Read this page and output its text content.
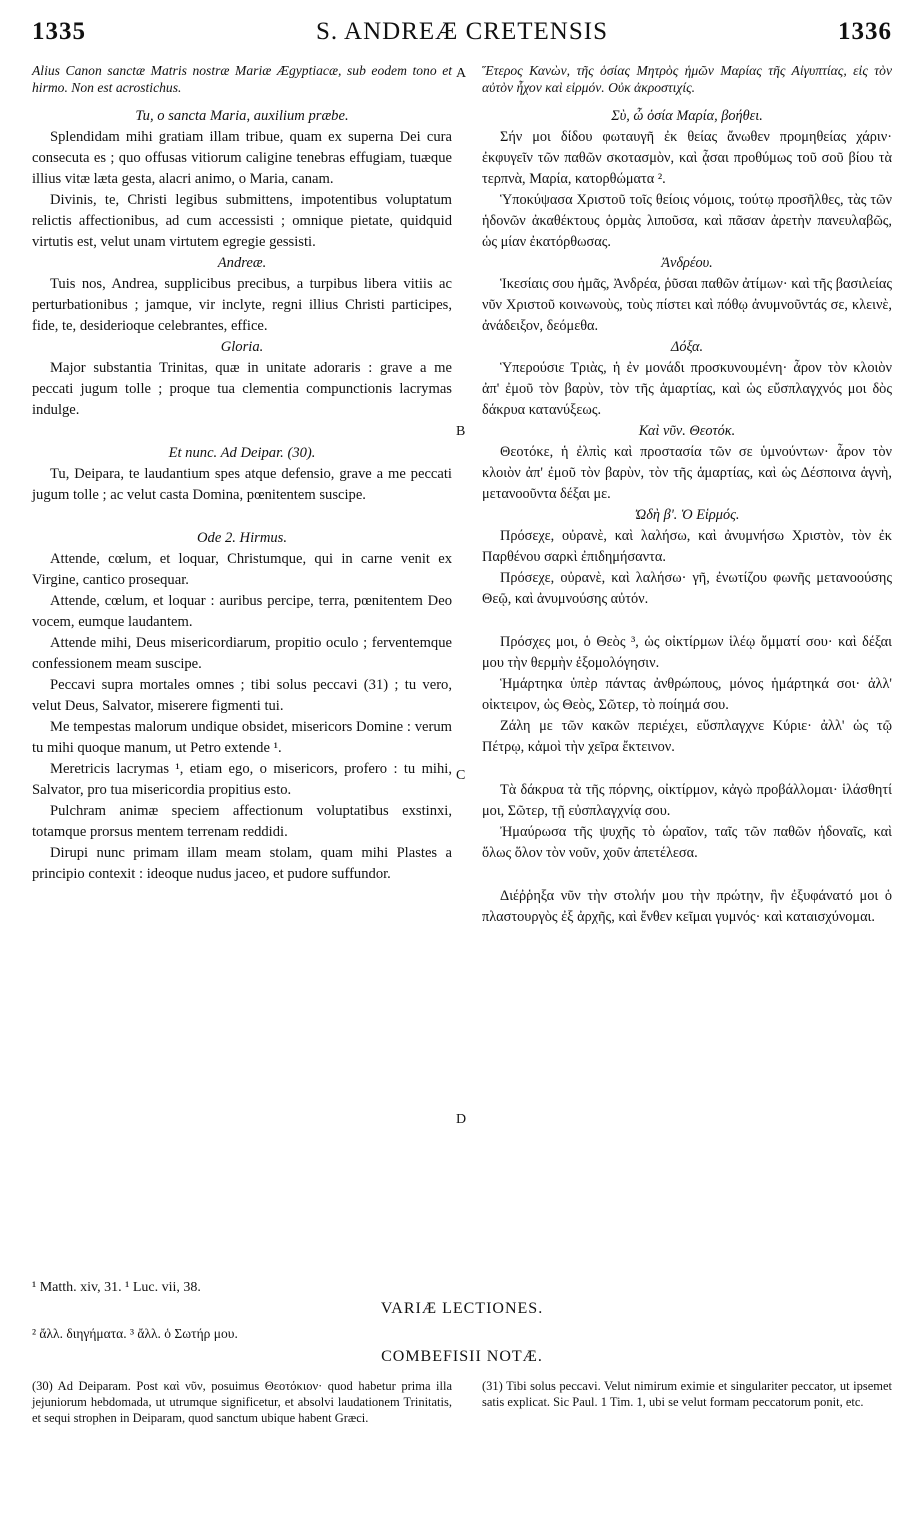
1335	S. ANDREÆ CRETENSIS	1336

Alius Canon sanctæ Matris nostræ Mariæ Ægyptiacæ, sub eodem tono et hirmo. Non est acrostichus.

Tu, o sancta Maria, auxilium præbe.

Splendidam mihi gratiam illam tribue, quam ex superna Dei cura consecuta es ; quo offusas vitiorum caligine tenebras effugiam, tuæque illius vitæ læta gesta, alacri animo, o Maria, canam.

Divinis, te, Christi legibus submittens, impotentibus voluptatum relictis affectionibus, ad cum accessisti ; omnique pietate, quidquid virtutis est, velut unam virtutem egregie gessisti.

Andreæ.

Tuis nos, Andrea, supplicibus precibus, a turpibus libera vitiis ac perturbationibus ; jamque, vir inclyte, regni illius Christi participes, fide, te, desiderioque celebrantes, effice.

Gloria.

Major substantia Trinitas, quæ in unitate adoraris : grave a me peccati jugum tolle ; proque tua clementia compunctionis lacrymas indulge.

Et nunc. Ad Deipar. (30).

Tu, Deipara, te laudantium spes atque defensio, grave a me peccati jugum tolle ; ac velut casta Domina, pœnitentem suscipe.

Ode 2. Hirmus.

Attende, cœlum, et loquar, Christumque, qui in carne venit ex Virgine, cantico prosequar.

Attende, cœlum, et loquar : auribus percipe, terra, pœnitentem Deo vocem, eumque laudantem.

Attende mihi, Deus misericordiarum, propitio oculo ; ferventemque confessionem meam suscipe.

Peccavi supra mortales omnes ; tibi solus peccavi (31) ; tu vero, velut Deus, Salvator, miserere figmenti tui.

Me tempestas malorum undique obsidet, misericors Domine : verum tu mihi quoque manum, ut Petro extende ¹.

Meretricis lacrymas ¹, etiam ego, o misericors, profero : tu mihi, Salvator, pro tua misericordia propitius esto.

Pulchram animæ speciem affectionum voluptatibus exstinxi, totamque prorsus mentem terrenam reddidi.

Dirupi nunc primam illam meam stolam, quam mihi Plastes a principio contexit : ideoque nudus jaceo, et pudore suffundor.

Ἕτερος Κανὼν, τῆς ὁσίας Μητρὸς ἡμῶν Μαρίας τῆς Αἰγυπτίας, εἰς τὸν αὐτὸν ἦχον καὶ εἱρμόν. Οὐκ ἀκροστιχίς.

Σὺ, ὦ ὁσία Μαρία, βοήθει.

Σήν μοι δίδου φωταυγῆ ἐκ θείας ἄνωθεν προμηθείας χάριν· ἐκφυγεῖν τῶν παθῶν σκοτασμὸν, καὶ ᾆσαι προθύμως τοῦ σοῦ βίου τὰ τερπνὰ, Μαρία, κατορθώματα ².

Ὑποκύψασα Χριστοῦ τοῖς θείοις νόμοις, τούτῳ προσῆλθες, τὰς τῶν ἡδονῶν ἀκαθέκτους ὁρμὰς λιποῦσα, καὶ πᾶσαν ἀρετὴν πανευλαβῶς, ὡς μίαν ἐκατόρθωσας.

Ἀνδρέου.

Ἱκεσίαις σου ἡμᾶς, Ἀνδρέα, ῥῦσαι παθῶν ἀτίμων· καὶ τῆς βασιλείας νῦν Χριστοῦ κοινωνοὺς, τοὺς πίστει καὶ πόθῳ ἀνυμνοῦντάς σε, κλεινὲ, ἀνάδειξον, δεόμεθα.

Δόξα.

Ὑπερούσιε Τριὰς, ἡ ἐν μονάδι προσκυνουμένη· ἆρον τὸν κλοιὸν ἀπ' ἐμοῦ τὸν βαρὺν, τὸν τῆς ἁμαρτίας, καὶ ὡς εὔσπλαγχνός μοι δὸς δάκρυα κατανύξεως.

Καὶ νῦν. Θεοτόκ.

Θεοτόκε, ἡ ἐλπὶς καὶ προστασία τῶν σε ὑμνούντων· ἆρον τὸν κλοιὸν ἀπ' ἐμοῦ τὸν βαρὺν, τὸν τῆς ἁμαρτίας, καὶ ὡς Δέσποινα ἁγνὴ, μετανοοῦντα δέξαι με.

Ὠδὴ β'. Ὁ Εἱρμός.

Πρόσεχε, οὐρανὲ, καὶ λαλήσω, καὶ ἀνυμνήσω Χριστὸν, τὸν ἐκ Παρθένου σαρκὶ ἐπιδημήσαντα.

Πρόσεχε, οὐρανὲ, καὶ λαλήσω· γῆ, ἐνωτίζου φωνῆς μετανοούσης Θεῷ, καὶ ἀνυμνούσης αὐτόν.

Πρόσχες μοι, ὁ Θεὸς ³, ὡς οἰκτίρμων ἱλέῳ ὄμματί σου· καὶ δέξαι μου τὴν θερμὴν ἐξομολόγησιν.

Ἡμάρτηκα ὑπὲρ πάντας ἀνθρώπους, μόνος ἡμάρτηκά σοι· ἀλλ' οἰκτειρον, ὡς Θεὸς, Σῶτερ, τὸ ποίημά σου.

Ζάλη με τῶν κακῶν περιέχει, εὔσπλαγχνε Κύριε· ἀλλ' ὡς τῷ Πέτρῳ, κἀμοὶ τὴν χεῖρα ἔκτεινον.

Τὰ δάκρυα τὰ τῆς πόρνης, οἰκτίρμον, κἀγὼ προβάλλομαι· ἱλάσθητί μοι, Σῶτερ, τῇ εὐσπλαγχνίᾳ σου.

Ἠμαύρωσα τῆς ψυχῆς τὸ ὡραῖον, ταῖς τῶν παθῶν ἡδοναῖς, καὶ ὅλως ὅλον τὸν νοῦν, χοῦν ἀπετέλεσα.

Διέῤῥηξα νῦν τὴν στολήν μου τὴν πρώτην, ἣν ἐξυφάνατό μοι ὁ πλαστουργὸς ἐξ ἀρχῆς, καὶ ἔνθεν κεῖμαι γυμνός· καὶ καταισχύνομαι.

A
B
C
D
¹ Matth. xiv, 31. ¹ Luc. vii, 38.
VARIÆ LECTIONES.
² ἄλλ. διηγήματα. ³ ἄλλ. ὁ Σωτήρ μου.
COMBEFISII NOTÆ.
(30) Ad Deiparam. Post καὶ νῦν, posuimus Θεοτόκιον· quod habetur prima illa jejuniorum hebdomada, ut utrumque significetur, et absolvi laudationem Trinitatis, et sequi strophen in Deiparam, quod sanctum ubique habent Græci.
(31) Tibi solus peccavi. Velut nimirum eximie et singulariter peccator, ut ipsemet satis explicat. Sic Paul. 1 Tim. 1, ubi se velut formam peccatorum ponit, etc.
